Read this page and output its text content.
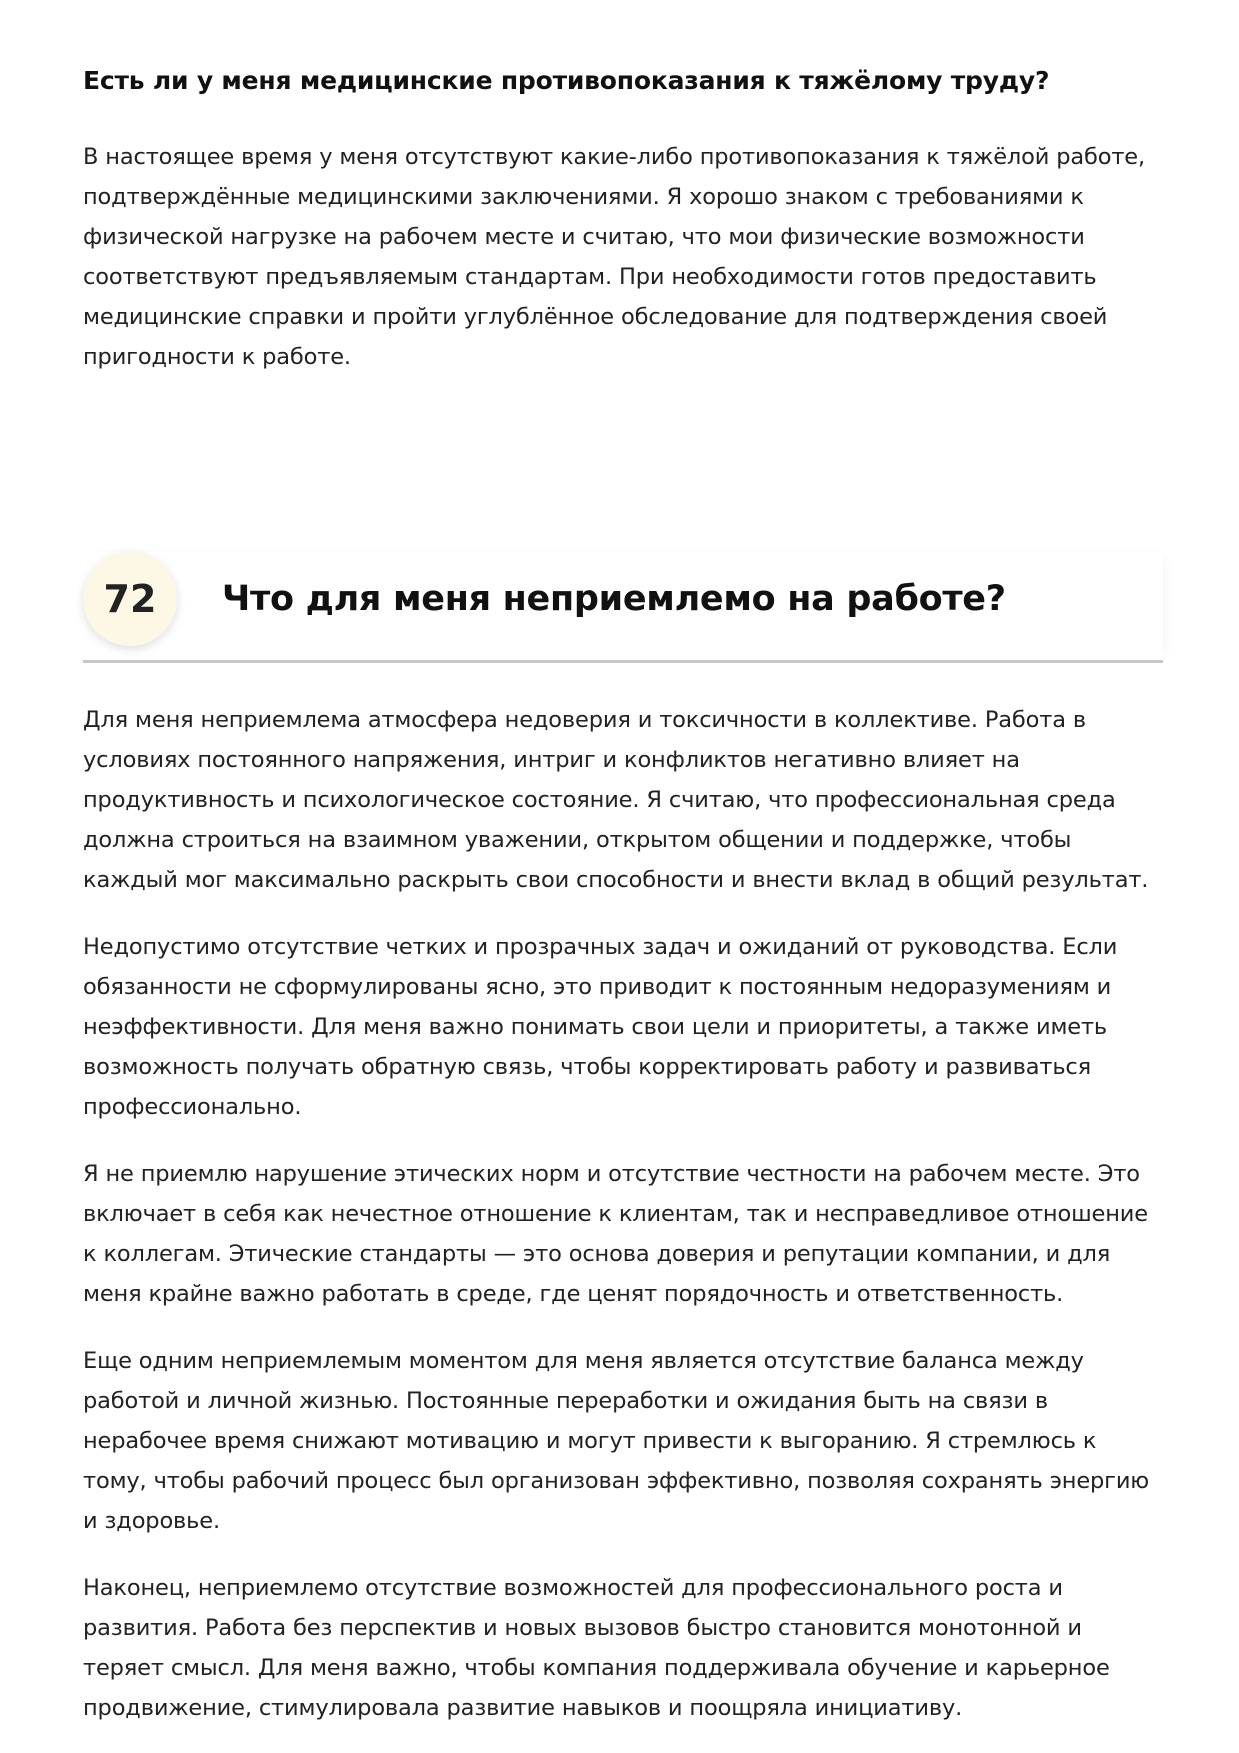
Есть ли у меня медицинские противопоказания к тяжёлому труду?

В настоящее время у меня отсутствуют какие-либо противопоказания к тяжёлой работе, подтверждённые медицинскими заключениями. Я хорошо знаком с требованиями к физической нагрузке на рабочем месте и считаю, что мои физические возможности соответствуют предъявляемым стандартам. При необходимости готов предоставить медицинские справки и пройти углублённое обследование для подтверждения своей пригодности к работе.

72	Что для меня неприемлемо на работе?

Для меня неприемлема атмосфера недоверия и токсичности в коллективе. Работа в условиях постоянного напряжения, интриг и конфликтов негативно влияет на продуктивность и психологическое состояние. Я считаю, что профессиональная среда должна строиться на взаимном уважении, открытом общении и поддержке, чтобы каждый мог максимально раскрыть свои способности и внести вклад в общий результат.

Недопустимо отсутствие четких и прозрачных задач и ожиданий от руководства. Если обязанности не сформулированы ясно, это приводит к постоянным недоразумениям и неэффективности. Для меня важно понимать свои цели и приоритеты, а также иметь возможность получать обратную связь, чтобы корректировать работу и развиваться профессионально.

Я не приемлю нарушение этических норм и отсутствие честности на рабочем месте. Это включает в себя как нечестное отношение к клиентам, так и несправедливое отношение к коллегам. Этические стандарты — это основа доверия и репутации компании, и для меня крайне важно работать в среде, где ценят порядочность и ответственность.

Еще одним неприемлемым моментом для меня является отсутствие баланса между работой и личной жизнью. Постоянные переработки и ожидания быть на связи в нерабочее время снижают мотивацию и могут привести к выгоранию. Я стремлюсь к тому, чтобы рабочий процесс был организован эффективно, позволяя сохранять энергию и здоровье.

Наконец, неприемлемо отсутствие возможностей для профессионального роста и развития. Работа без перспектив и новых вызовов быстро становится монотонной и теряет смысл. Для меня важно, чтобы компания поддерживала обучение и карьерное продвижение, стимулировала развитие навыков и поощряла инициативу.
